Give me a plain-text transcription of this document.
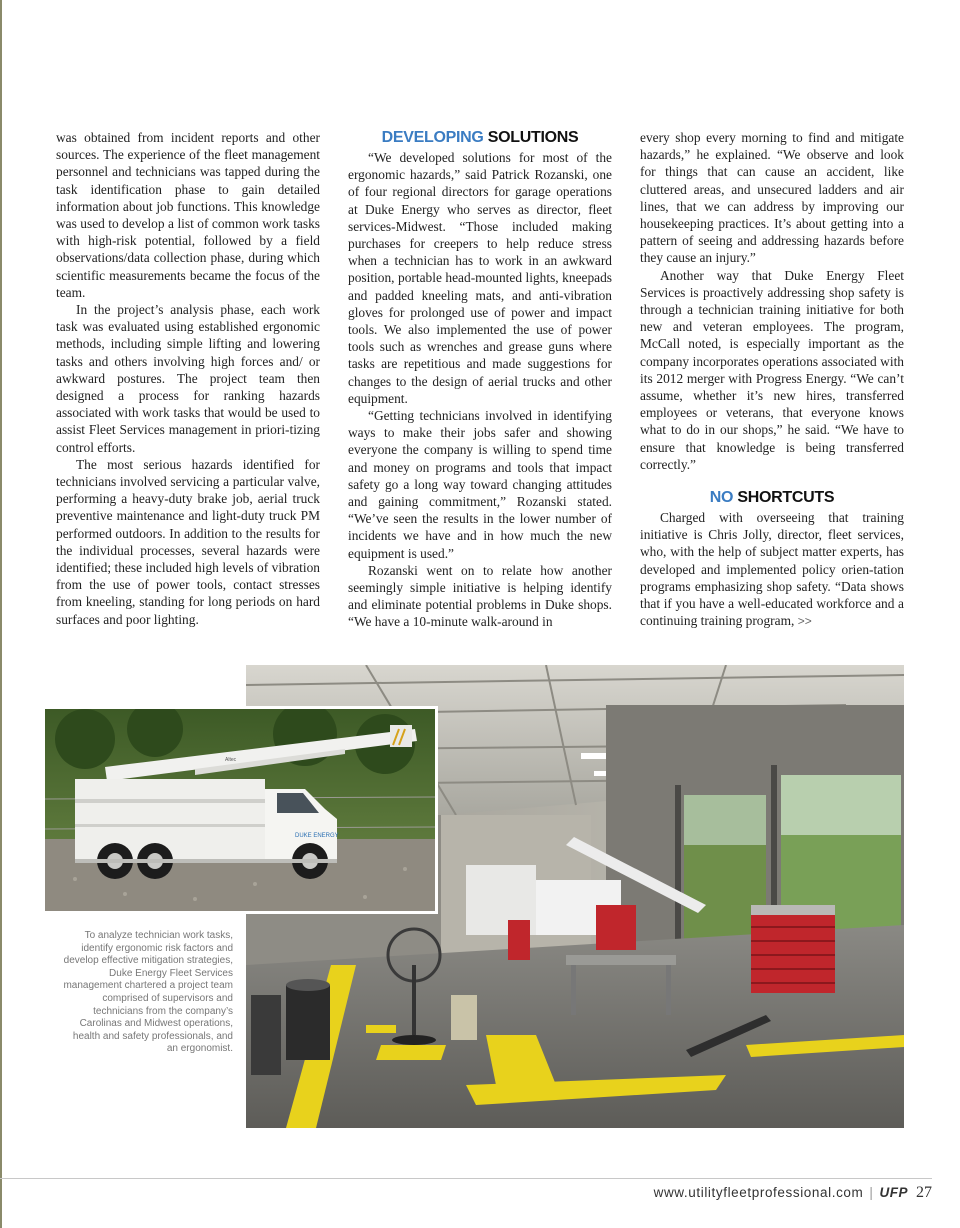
was obtained from incident reports and other sources. The experience of the fleet management personnel and technicians was tapped during the task identification phase to gain detailed information about job functions. This knowledge was used to develop a list of common work tasks with high-risk potential, followed by a field observations/data collection phase, during which scientific measurements became the focus of the team.

In the project’s analysis phase, each work task was evaluated using established ergonomic methods, including simple lifting and lowering tasks and others involving high forces and/ or awkward postures. The project team then designed a process for ranking hazards associated with work tasks that would be used to assist Fleet Services management in priori-tizing control efforts.

The most serious hazards identified for technicians involved servicing a particular valve, performing a heavy-duty brake job, aerial truck preventive maintenance and light-duty truck PM performed outdoors. In addition to the results for the individual processes, several hazards were identified; these included high levels of vibration from the use of power tools, contact stresses from kneeling, standing for long periods on hard surfaces and poor lighting.

DEVELOPING SOLUTIONS

“We developed solutions for most of the ergonomic hazards,” said Patrick Rozanski, one of four regional directors for garage operations at Duke Energy who serves as director, fleet services-Midwest. “Those included making purchases for creepers to help reduce stress when a technician has to work in an awkward position, portable head-mounted lights, kneepads and padded kneeling mats, and anti-vibration gloves for prolonged use of power and impact tools. We also implemented the use of power tools such as wrenches and grease guns where tasks are repetitious and made suggestions for changes to the design of aerial trucks and other equipment.

“Getting technicians involved in identifying ways to make their jobs safer and showing everyone the company is willing to spend time and money on programs and tools that impact safety go a long way toward changing attitudes and gaining commitment,” Rozanski stated. “We’ve seen the results in the lower number of incidents we have and in how much the new equipment is used.”

Rozanski went on to relate how another seemingly simple initiative is helping identify and eliminate potential problems in Duke shops. “We have a 10-minute walk-around in

every shop every morning to find and mitigate hazards,” he explained. “We observe and look for things that can cause an accident, like cluttered areas, and unsecured ladders and air lines, that we can address by improving our housekeeping practices. It’s about getting into a pattern of seeing and addressing hazards before they cause an injury.”

Another way that Duke Energy Fleet Services is proactively addressing shop safety is through a technician training initiative for both new and veteran employees. The program, McCall noted, is especially important as the company incorporates operations associated with its 2012 merger with Progress Energy. “We can’t assume, whether it’s new hires, transferred employees or veterans, that everyone knows what to do in our shops,” he said. “We have to ensure that knowledge is being transferred correctly.”

NO SHORTCUTS

Charged with overseeing that training initiative is Chris Jolly, director, fleet services, who, with the help of subject matter experts, has developed and implemented policy orien-tation programs emphasizing shop safety. “Data shows that if you have a well-educated workforce and a continuing training program, >>

DUKE ENERGY
Altec
To analyze technician work tasks, identify ergonomic risk factors and develop effective mitigation strategies, Duke Energy Fleet Services management chartered a project team comprised of supervisors and technicians from the company’s Carolinas and Midwest operations, health and safety professionals, and an ergonomist.
www.utilityfleetprofessional.com | UFP 27
